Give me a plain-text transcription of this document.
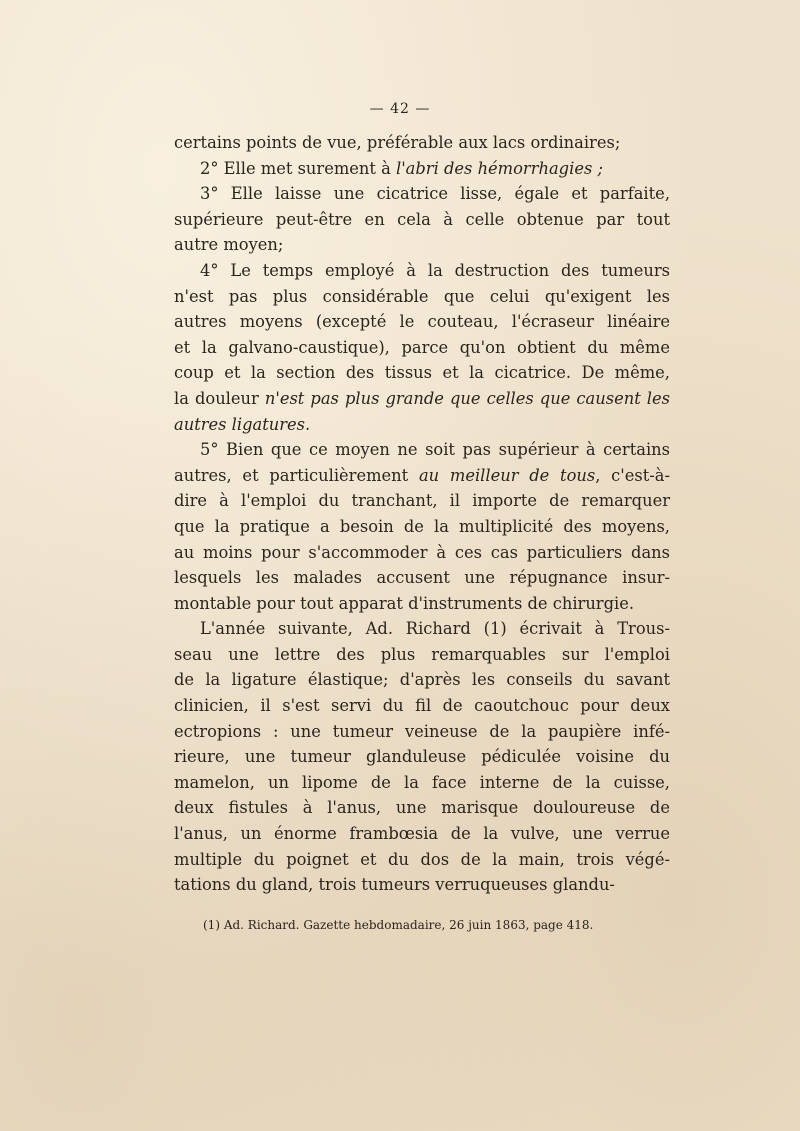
— 42 —

certains points de vue, préférable aux lacs ordinaires;

2° Elle met surement à l'abri des hémorrhagies ;

3° Elle laisse une cicatrice lisse, égale et parfaite,

supérieure peut-être en cela à celle obtenue par tout

autre moyen;

4° Le temps employé à la destruction des tumeurs

n'est pas plus considérable que celui qu'exigent les

autres moyens (excepté le couteau, l'écraseur linéaire

et la galvano-caustique), parce qu'on obtient du même

coup et la section des tissus et la cicatrice. De même,

la douleur n'est pas plus grande que celles que causent les

autres ligatures.

5° Bien que ce moyen ne soit pas supérieur à certains

autres, et particulièrement au meilleur de tous, c'est-à-

dire à l'emploi du tranchant, il importe de remarquer

que la pratique a besoin de la multiplicité des moyens,

au moins pour s'accommoder à ces cas particuliers dans

lesquels les malades accusent une répugnance insur-

montable pour tout apparat d'instruments de chirurgie.

L'année suivante, Ad. Richard (1) écrivait à Trous-

seau une lettre des plus remarquables sur l'emploi

de la ligature élastique; d'après les conseils du savant

clinicien, il s'est servi du fil de caoutchouc pour deux

ectropions : une tumeur veineuse de la paupière infé-

rieure, une tumeur glanduleuse pédiculée voisine du

mamelon, un lipome de la face interne de la cuisse,

deux fistules à l'anus, une marisque douloureuse de

l'anus, un énorme frambœsia de la vulve, une verrue

multiple du poignet et du dos de la main, trois végé-

tations du gland, trois tumeurs verruqueuses glandu-

(1) Ad. Richard. Gazette hebdomadaire, 26 juin 1863, page 418.
